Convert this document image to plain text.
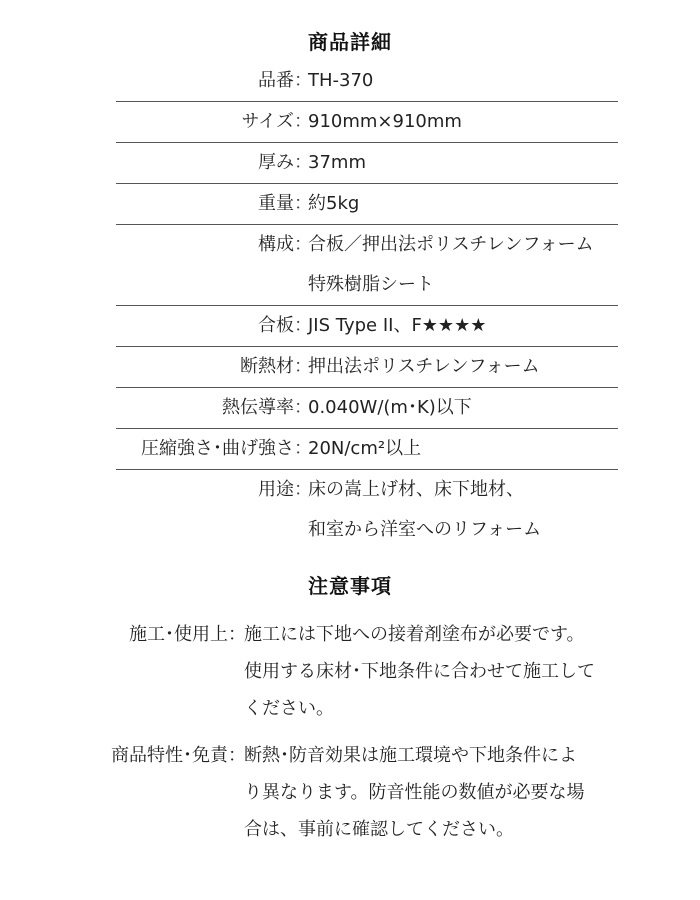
商品詳細
品番 ：
TH-370
サイズ ：
910mm×910mm
厚み ：
37mm
重量 ：
約5kg
構成 ：
合板／押出法ポリスチレンフォーム
特殊樹脂シート
合板 ：
JIS Type II、F★★★★
断熱材 ：
押出法ポリスチレンフォーム
熱伝導率 ：
0.040W/(m･K)以下
圧縮強さ･曲げ強さ ：
20N/cm²以上
用途 ：
床の嵩上げ材、床下地材、
和室から洋室へのリフォーム
注意事項
施工･使用上 ：
施工には下地への接着剤塗布が必要です。
使用する床材･下地条件に合わせて施工して
ください。
商品特性･免責 ：
断熱･防音効果は施工環境や下地条件によ
り異なります。防音性能の数値が必要な場
合は、事前に確認してください。
